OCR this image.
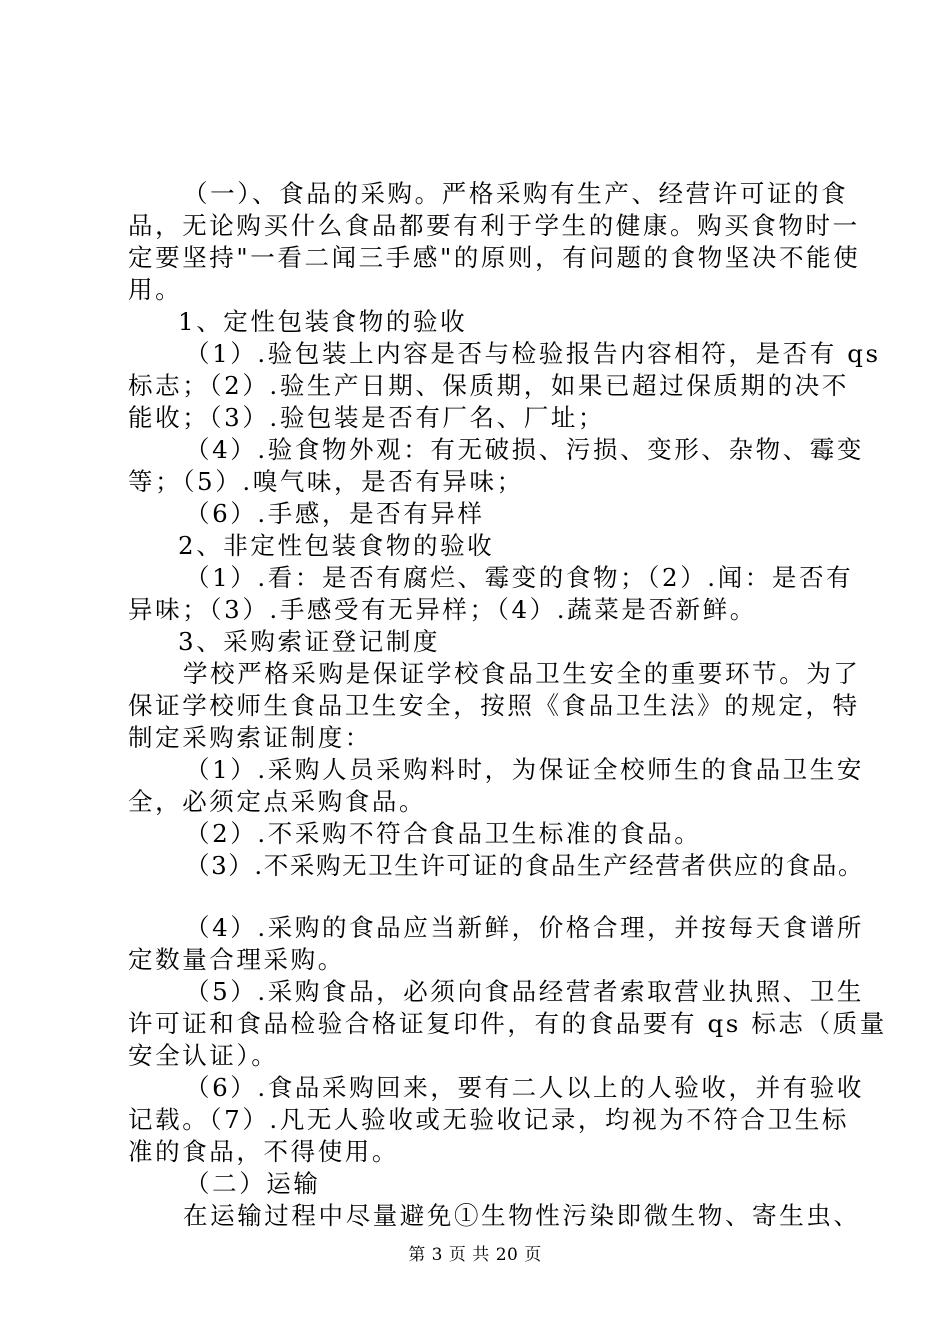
（一）、食品的采购。严格采购有生产、经营许可证的食
品，无论购买什么食品都要有利于学生的健康。购买食物时一
定要坚持"一看二闻三手感"的原则，有问题的食物坚决不能使
用。
1、定性包装食物的验收
（1）.验包装上内容是否与检验报告内容相符，是否有 qs
标志；（2）.验生产日期、保质期，如果已超过保质期的决不
能收；（3）.验包装是否有厂名、厂址；
（4）.验食物外观：有无破损、污损、变形、杂物、霉变
等；（5）.嗅气味，是否有异味；
（6）.手感，是否有异样
2、非定性包装食物的验收
（1）.看：是否有腐烂、霉变的食物；（2）.闻：是否有
异味；（3）.手感受有无异样；（4）.蔬菜是否新鲜。
3、采购索证登记制度
学校严格采购是保证学校食品卫生安全的重要环节。为了
保证学校师生食品卫生安全，按照《食品卫生法》的规定，特
制定采购索证制度：
（1）.采购人员采购料时，为保证全校师生的食品卫生安
全，必须定点采购食品。
（2）.不采购不符合食品卫生标准的食品。
（3）.不采购无卫生许可证的食品生产经营者供应的食品。
（4）.采购的食品应当新鲜，价格合理，并按每天食谱所
定数量合理采购。
（5）.采购食品，必须向食品经营者索取营业执照、卫生
许可证和食品检验合格证复印件，有的食品要有 qs 标志（质量
安全认证）。
（6）.食品采购回来，要有二人以上的人验收，并有验收
记载。（7）.凡无人验收或无验收记录，均视为不符合卫生标
准的食品，不得使用。
（二）运输
在运输过程中尽量避免①生物性污染即微生物、寄生虫、
第 3 页 共 20 页
